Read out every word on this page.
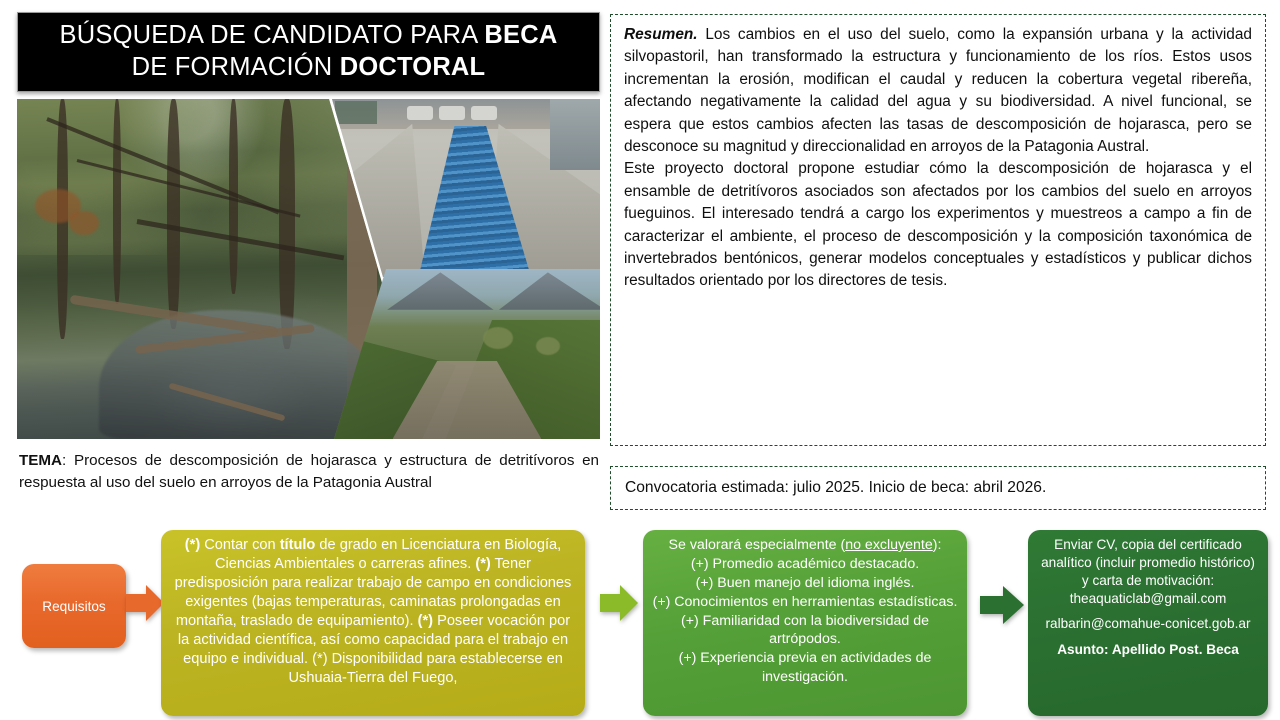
BÚSQUEDA DE CANDIDATO PARA BECA
DE FORMACIÓN DOCTORAL
TEMA: Procesos de descomposición de hojarasca y estructura de detritívoros en respuesta al uso del suelo en arroyos de la Patagonia Austral

Resumen. Los cambios en el uso del suelo, como la expansión urbana y la actividad silvopastoril, han transformado la estructura y funcionamiento de los ríos. Estos usos incrementan la erosión, modifican el caudal y reducen la cobertura vegetal ribereña, afectando negativamente la calidad del agua y su biodiversidad. A nivel funcional, se espera que estos cambios afecten las tasas de descomposición de hojarasca, pero se desconoce su magnitud y direccionalidad en arroyos de la Patagonia Austral.

Este proyecto doctoral propone estudiar cómo la descomposición de hojarasca y el ensamble de detritívoros asociados son afectados por los cambios del suelo en arroyos fueguinos. El interesado tendrá a cargo los experimentos y muestreos a campo a fin de caracterizar el ambiente, el proceso de descomposición y la composición taxonómica de invertebrados bentónicos, generar modelos conceptuales y estadísticos y publicar dichos resultados orientado por los directores de tesis.

Convocatoria estimada: julio 2025. Inicio de beca: abril 2026.
Requisitos
(*) Contar con título de grado en Licenciatura en Biología, Ciencias Ambientales o carreras afines. (*) Tener predisposición para realizar trabajo de campo en condiciones exigentes (bajas temperaturas, caminatas prolongadas en montaña, traslado de equipamiento). (*) Poseer vocación por la actividad científica, así como capacidad para el trabajo en equipo e individual. (*) Disponibilidad para establecerse en Ushuaia-Tierra del Fuego,
Se valorará especialmente (no excluyente):
(+) Promedio académico destacado.
(+) Buen manejo del idioma inglés.
(+) Conocimientos en herramientas estadísticas. (+) Familiaridad con la biodiversidad de artrópodos.
(+) Experiencia previa en actividades de investigación.
Enviar CV, copia del certificado analítico (incluir promedio histórico) y carta de motivación:
theaquaticlab@gmail.com
ralbarin@comahue-conicet.gob.ar
Asunto: Apellido Post. Beca
